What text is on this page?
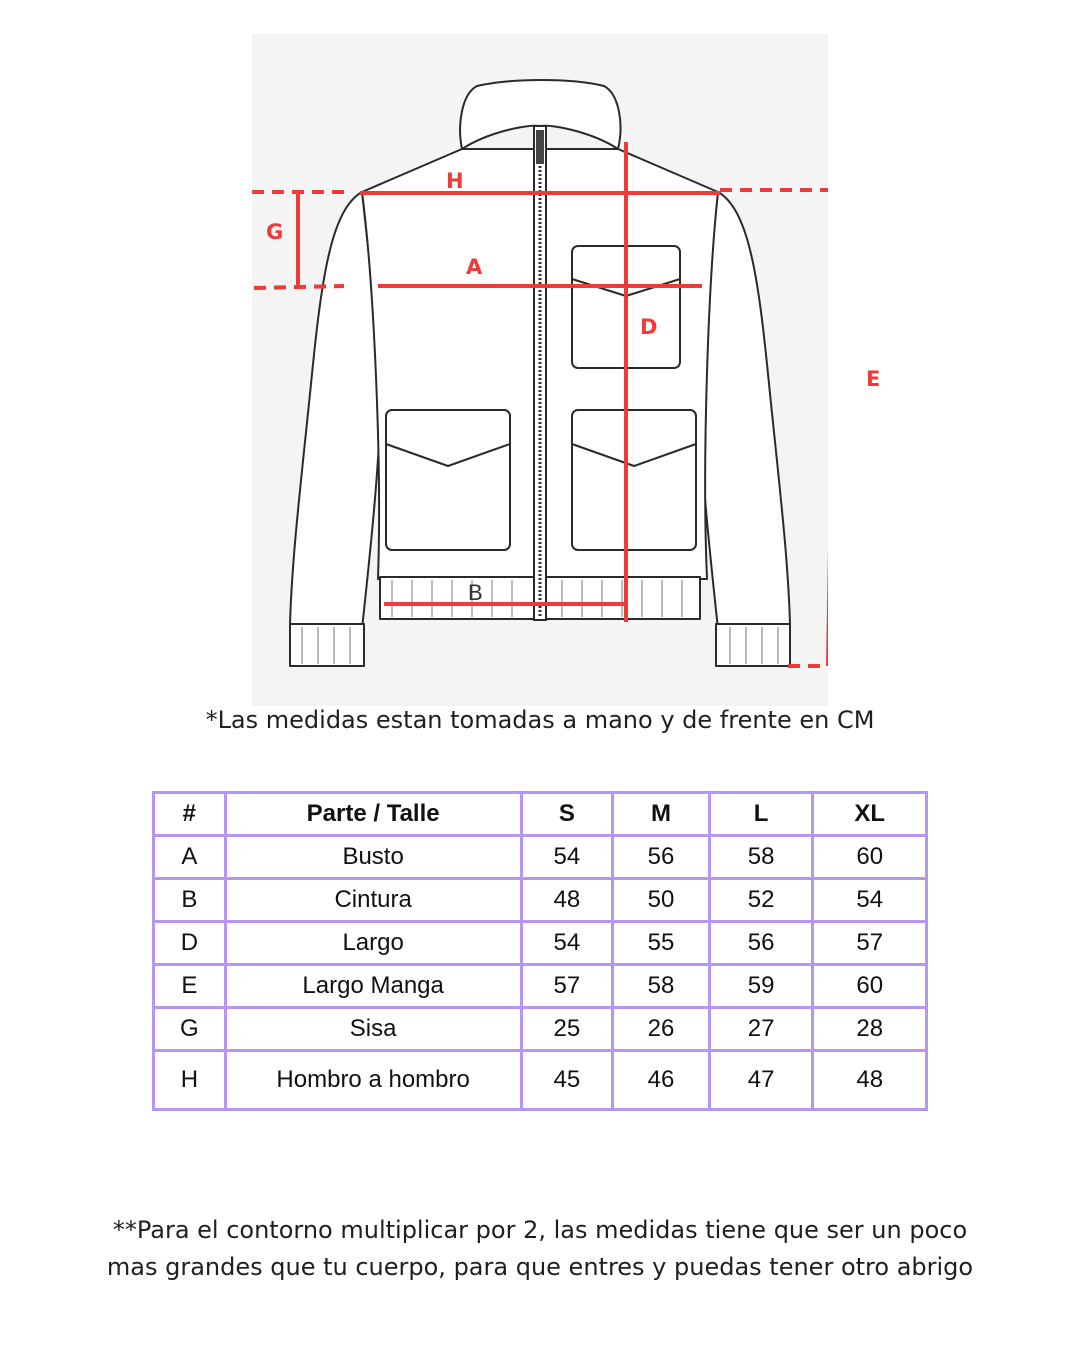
H
G
A
D
B
E
*Las medidas estan tomadas a mano y de frente en CM
#	Parte / Talle	S	M	L	XL
A	Busto	54	56	58	60
B	Cintura	48	50	52	54
D	Largo	54	55	56	57
E	Largo Manga	57	58	59	60
G	Sisa	25	26	27	28
H	Hombro a hombro	45	46	47	48
**Para el contorno multiplicar por 2, las medidas tiene que ser un poco
mas grandes que tu cuerpo, para que entres y puedas tener otro abrigo
